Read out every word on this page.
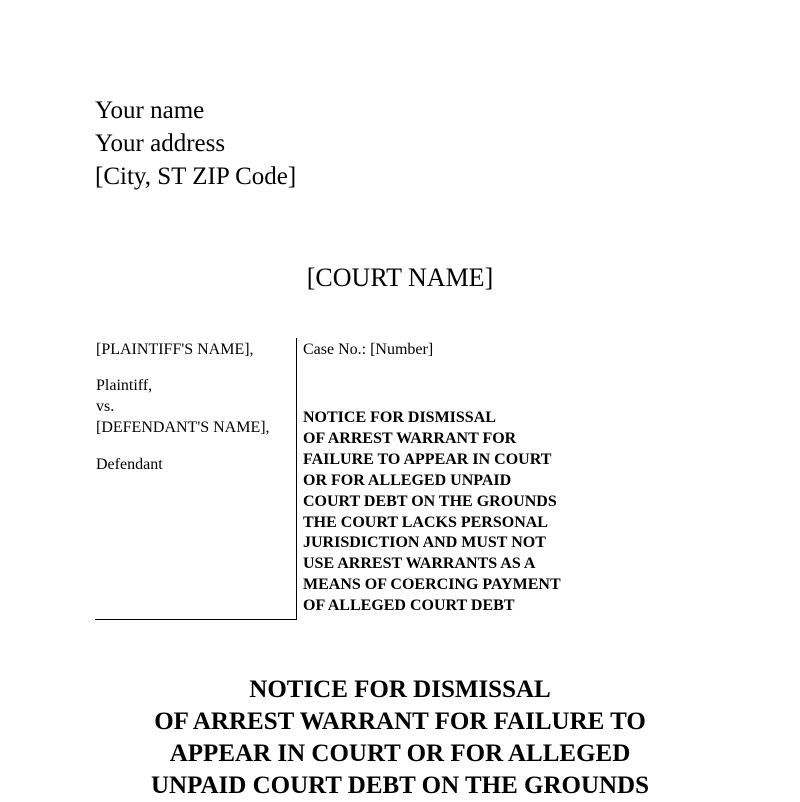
Your name
Your address
[City, ST ZIP Code]
[COURT NAME]
[PLAINTIFF'S NAME],
Plaintiff,
vs.
[DEFENDANT'S NAME],
Defendant
Case No.: [Number]
NOTICE FOR DISMISSAL
OF ARREST WARRANT FOR
FAILURE TO APPEAR IN COURT
OR FOR ALLEGED UNPAID
COURT DEBT ON THE GROUNDS
THE COURT LACKS PERSONAL
JURISDICTION AND MUST NOT
USE ARREST WARRANTS AS A
MEANS OF COERCING PAYMENT
OF ALLEGED COURT DEBT
NOTICE FOR DISMISSAL
OF ARREST WARRANT FOR FAILURE TO
APPEAR IN COURT OR FOR ALLEGED
UNPAID COURT DEBT ON THE GROUNDS
